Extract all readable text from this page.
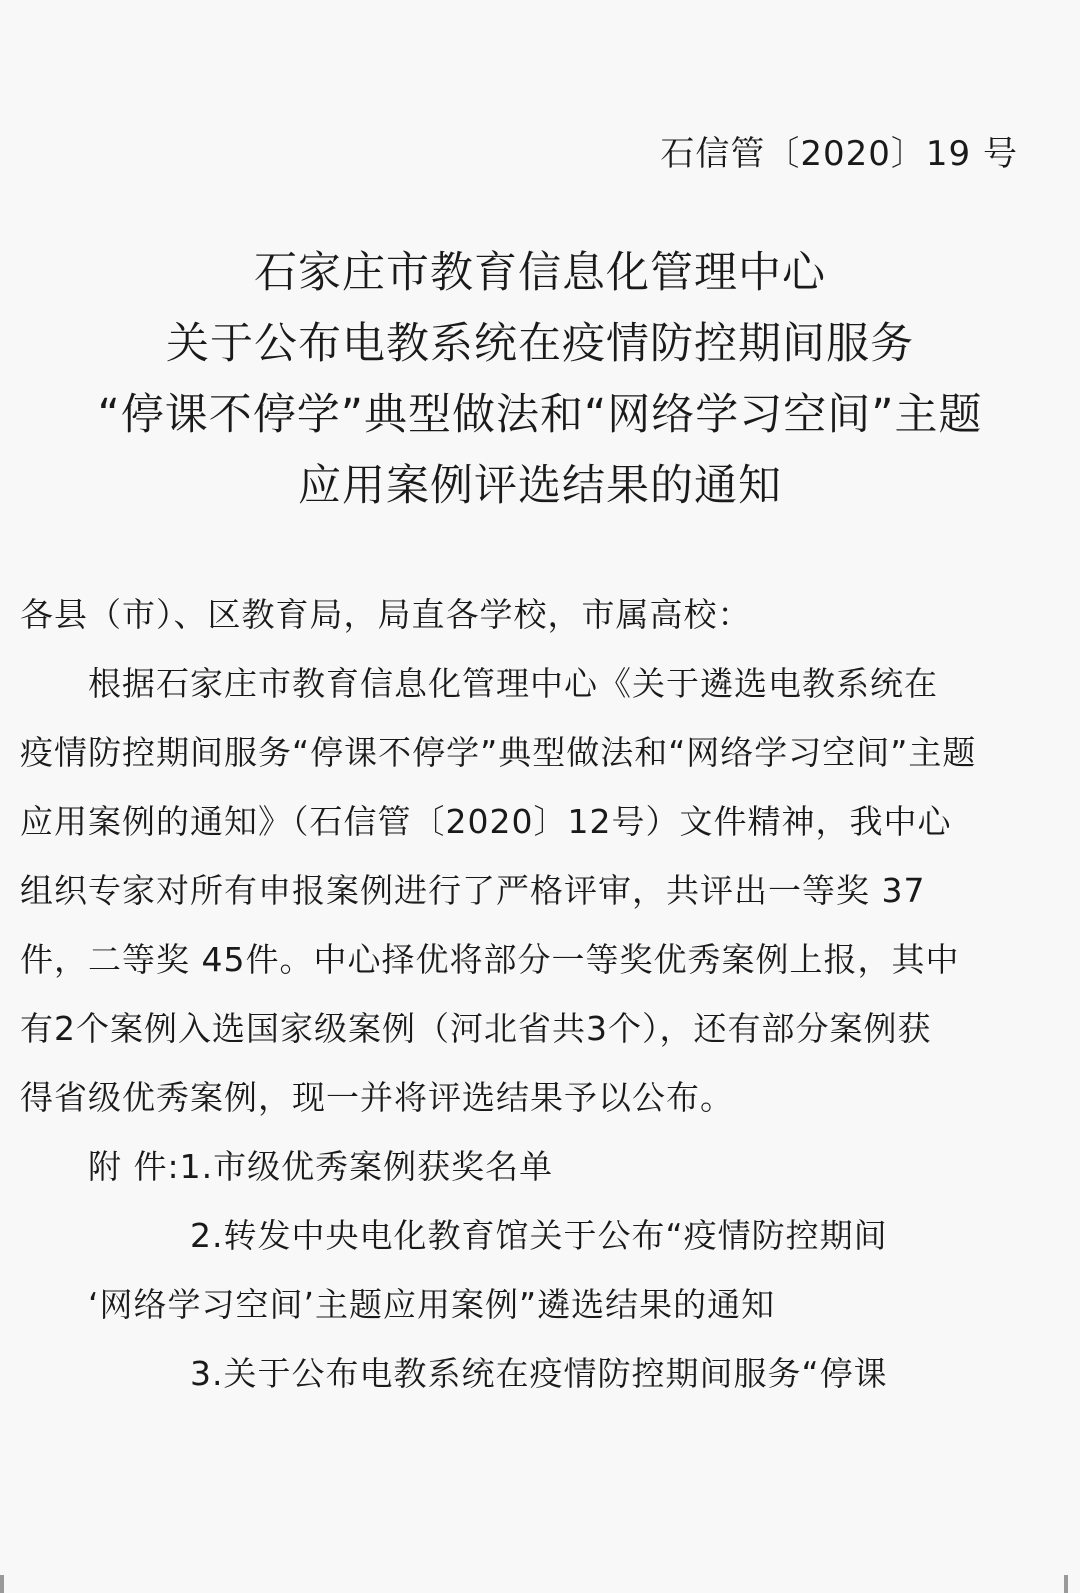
石信管〔2020〕19 号
石家庄市教育信息化管理中心
关于公布电教系统在疫情防控期间服务
“停课不停学”典型做法和“网络学习空间”主题
应用案例评选结果的通知
各县（市）、区教育局，局直各学校，市属高校：
根据石家庄市教育信息化管理中心《关于遴选电教系统在
疫情防控期间服务“停课不停学”典型做法和“网络学习空间”主题
应用案例的通知》（石信管〔2020〕12号）文件精神，我中心
组织专家对所有申报案例进行了严格评审，共评出一等奖 37
件，二等奖 45件。中心择优将部分一等奖优秀案例上报，其中
有2个案例入选国家级案例（河北省共3个），还有部分案例获
得省级优秀案例，现一并将评选结果予以公布。
附 件:1.市级优秀案例获奖名单
2.转发中央电化教育馆关于公布“疫情防控期间
‘网络学习空间’主题应用案例”遴选结果的通知
3.关于公布电教系统在疫情防控期间服务“停课
